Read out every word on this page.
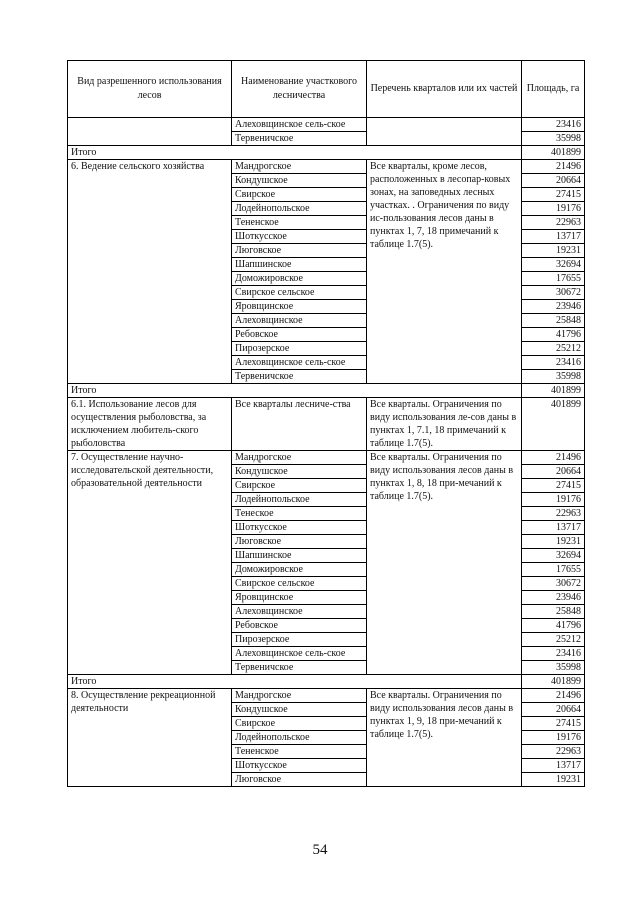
Вид разрешенного использования лесов	Наименование участкового лесничества	Перечень кварталов или их частей	Площадь, га
	Алеховщинское сель-ское		23416
	Тервеничское		35998
Итого			401899
6. Ведение сельского хозяйства	Мандрогское	Все кварталы, кроме лесов, расположенных в лесопар-ковых зонах, на заповедных лесных участках. . Ограничения по виду ис-пользования лесов даны в пунктах 1, 7, 18 примечаний к таблице 1.7(5).	21496
	Кондушское		20664
	Свирское		27415
	Лодейнопольское		19176
	Тененское		22963
	Шоткусское		13717
	Люговское		19231
	Шапшинское		32694
	Доможировское		17655
	Свирское сельское		30672
	Яровщинское		23946
	Алеховщинское		25848
	Ребовское		41796
	Пирозерское		25212
	Алеховщинское сель-ское		23416
	Тервеничское		35998
Итого			401899
6.1. Использование лесов для осуществления рыболовства, за исключением любитель-ского рыболовства	Все кварталы лесниче-ства	Все кварталы. Ограничения по виду использования ле-сов даны в пунктах 1, 7.1, 18 примечаний к таблице 1.7(5).	401899
7. Осуществление научно-исследовательской деятельности, образовательной деятельности	Мандрогское	Все кварталы. Ограничения по виду использования лесов даны в пунктах 1, 8, 18 при-мечаний к таблице 1.7(5).	21496
	Кондушское		20664
	Свирское		27415
	Лодейнопольское		19176
	Тенеское		22963
	Шоткусское		13717
	Люговское		19231
	Шапшинское		32694
	Доможировское		17655
	Свирское сельское		30672
	Яровщинское		23946
	Алеховщинское		25848
	Ребовское		41796
	Пирозерское		25212
	Алеховщинское сель-ское		23416
	Тервеничское		35998
Итого			401899
8. Осуществление рекреационной деятельности	Мандрогское	Все кварталы. Ограничения по виду использования лесов даны в пунктах 1, 9, 18 при-мечаний к таблице 1.7(5).	21496
	Кондушское		20664
	Свирское		27415
	Лодейнопольское		19176
	Тененское		22963
	Шоткусское		13717
	Люговское		19231
54
